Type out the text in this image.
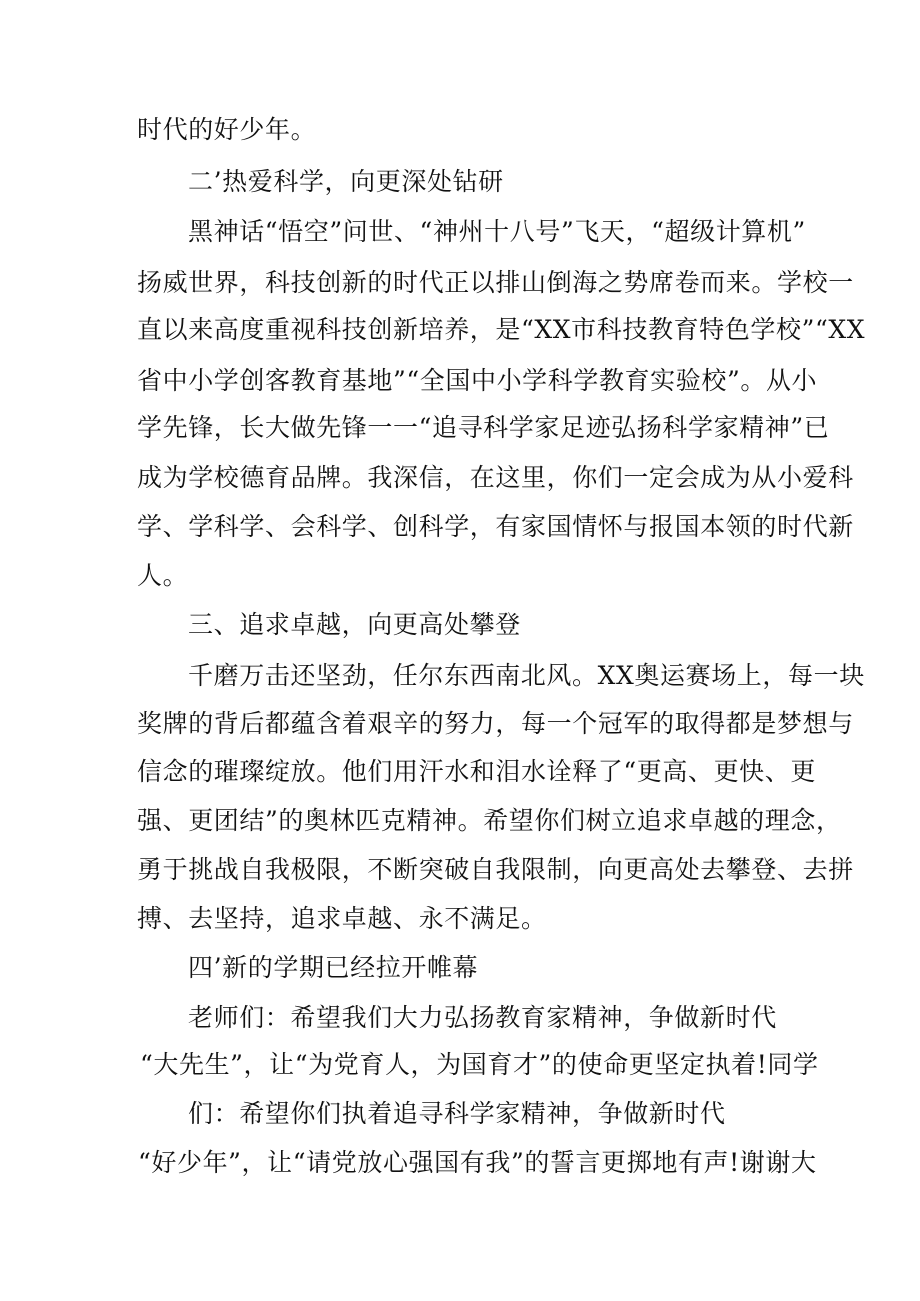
时代的好少年。
二’热爱科学，向更深处钻研
黑神话“悟空”问世、“神州十八号”飞天，“超级计算机”
扬威世界，科技创新的时代正以排山倒海之势席卷而来。学校一
直以来高度重视科技创新培养，是“XX市科技教育特色学校”“XX
省中小学创客教育基地”“全国中小学科学教育实验校”。从小
学先锋，长大做先锋一一“追寻科学家足迹弘扬科学家精神”已
成为学校德育品牌。我深信，在这里，你们一定会成为从小爱科
学、学科学、会科学、创科学，有家国情怀与报国本领的时代新
人。
三、追求卓越，向更高处攀登
千磨万击还坚劲，任尔东西南北风。XX奥运赛场上，每一块
奖牌的背后都蕴含着艰辛的努力，每一个冠军的取得都是梦想与
信念的璀璨绽放。他们用汗水和泪水诠释了“更高、更快、更
强、更团结”的奥林匹克精神。希望你们树立追求卓越的理念，
勇于挑战自我极限，不断突破自我限制，向更高处去攀登、去拼
搏、去坚持，追求卓越、永不满足。
四’新的学期已经拉开帷幕
老师们：希望我们大力弘扬教育家精神，争做新时代
“大先生”，让“为党育人，为国育才”的使命更坚定执着!同学
们：希望你们执着追寻科学家精神，争做新时代
“好少年”，让“请党放心强国有我”的誓言更掷地有声!谢谢大
